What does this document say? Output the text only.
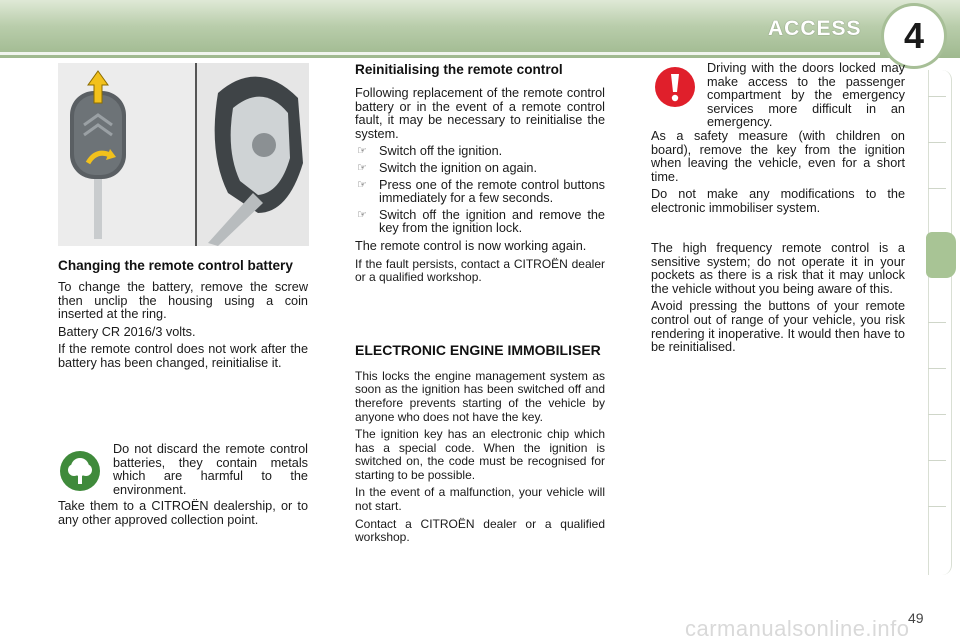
ACCESS 4
Changing the remote control battery

To change the battery, remove the screw then unclip the housing using a coin inserted at the ring.

Battery CR 2016/3 volts.

If the remote control does not work after the battery has been changed, reinitialise it.

Do not discard the remote control batteries, they contain metals which are harmful to the environment.

Take them to a CITROËN dealership, or to any other approved collection point.

Reinitialising the remote control

Following replacement of the remote control battery or in the event of a remote control fault, it may be necessary to reinitialise the system.

☞ Switch off the ignition.
☞ Switch the ignition on again.
☞ Press one of the remote control buttons immediately for a few seconds.
☞ Switch off the ignition and remove the key from the ignition lock.

The remote control is now working again.

If the fault persists, contact a CITROËN dealer or a qualified workshop.

ELECTRONIC ENGINE IMMOBILISER

This locks the engine management system as soon as the ignition has been switched off and therefore prevents starting of the vehicle by anyone who does not have the key.

The ignition key has an electronic chip which has a special code. When the ignition is switched on, the code must be recognised for starting to be possible.

In the event of a malfunction, your vehicle will not start.

Contact a CITROËN dealer or a qualified workshop.

Driving with the doors locked may make access to the passenger compartment by the emergency services more difficult in an emergency.

As a safety measure (with children on board), remove the key from the ignition when leaving the vehicle, even for a short time.

Do not make any modifications to the electronic immobiliser system.

The high frequency remote control is a sensitive system; do not operate it in your pockets as there is a risk that it may unlock the vehicle without you being aware of this.

Avoid pressing the buttons of your remote control out of range of your vehicle, you risk rendering it inoperative. It would then have to be reinitialised.

carmanualsonline.info
49
